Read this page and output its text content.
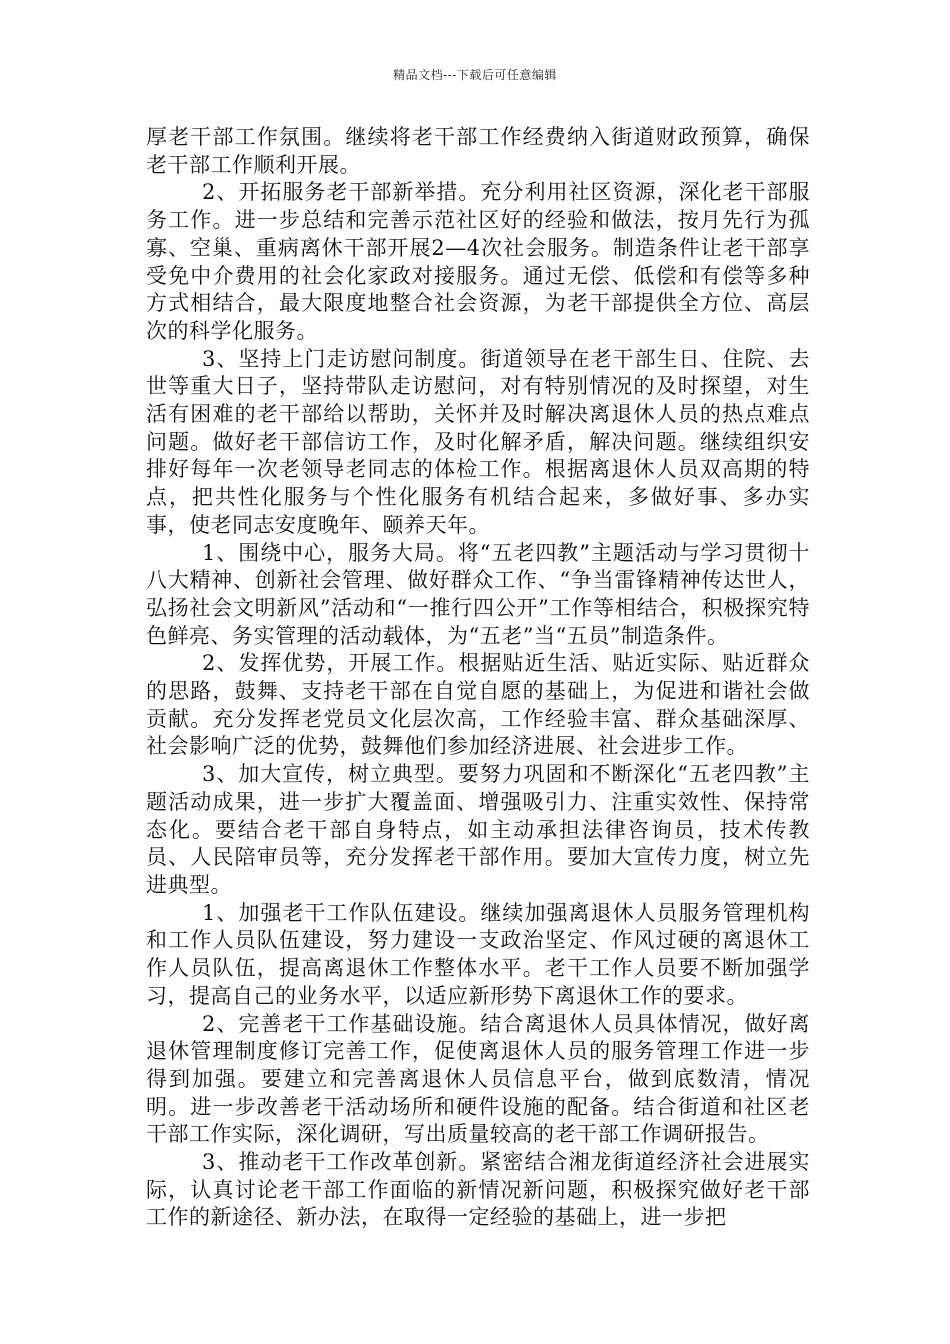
精品文档---下载后可任意编辑

厚老干部工作氛围。继续将老干部工作经费纳入街道财政预算，确保老干部工作顺利开展。

2、开拓服务老干部新举措。充分利用社区资源，深化老干部服务工作。进一步总结和完善示范社区好的经验和做法，按月先行为孤寡、空巢、重病离休干部开展2—4次社会服务。制造条件让老干部享受免中介费用的社会化家政对接服务。通过无偿、低偿和有偿等多种方式相结合，最大限度地整合社会资源，为老干部提供全方位、高层次的科学化服务。

3、坚持上门走访慰问制度。街道领导在老干部生日、住院、去世等重大日子，坚持带队走访慰问，对有特别情况的及时探望，对生活有困难的老干部给以帮助，关怀并及时解决离退休人员的热点难点问题。做好老干部信访工作，及时化解矛盾，解决问题。继续组织安排好每年一次老领导老同志的体检工作。根据离退休人员双高期的特点，把共性化服务与个性化服务有机结合起来，多做好事、多办实事，使老同志安度晚年、颐养天年。

1、围绕中心，服务大局。将“五老四教”主题活动与学习贯彻十八大精神、创新社会管理、做好群众工作、“争当雷锋精神传达世人，弘扬社会文明新风”活动和“一推行四公开”工作等相结合，积极探究特色鲜亮、务实管理的活动载体，为“五老”当“五员”制造条件。

2、发挥优势，开展工作。根据贴近生活、贴近实际、贴近群众的思路，鼓舞、支持老干部在自觉自愿的基础上，为促进和谐社会做贡献。充分发挥老党员文化层次高，工作经验丰富、群众基础深厚、社会影响广泛的优势，鼓舞他们参加经济进展、社会进步工作。

3、加大宣传，树立典型。要努力巩固和不断深化“五老四教”主题活动成果，进一步扩大覆盖面、增强吸引力、注重实效性、保持常态化。要结合老干部自身特点，如主动承担法律咨询员，技术传教员、人民陪审员等，充分发挥老干部作用。要加大宣传力度，树立先进典型。

1、加强老干工作队伍建设。继续加强离退休人员服务管理机构和工作人员队伍建设，努力建设一支政治坚定、作风过硬的离退休工作人员队伍，提高离退休工作整体水平。老干工作人员要不断加强学习，提高自己的业务水平，以适应新形势下离退休工作的要求。

2、完善老干工作基础设施。结合离退休人员具体情况，做好离退休管理制度修订完善工作，促使离退休人员的服务管理工作进一步得到加强。要建立和完善离退休人员信息平台，做到底数清，情况明。进一步改善老干活动场所和硬件设施的配备。结合街道和社区老干部工作实际，深化调研，写出质量较高的老干部工作调研报告。

3、推动老干工作改革创新。紧密结合湘龙街道经济社会进展实际，认真讨论老干部工作面临的新情况新问题，积极探究做好老干部工作的新途径、新办法，在取得一定经验的基础上，进一步把
